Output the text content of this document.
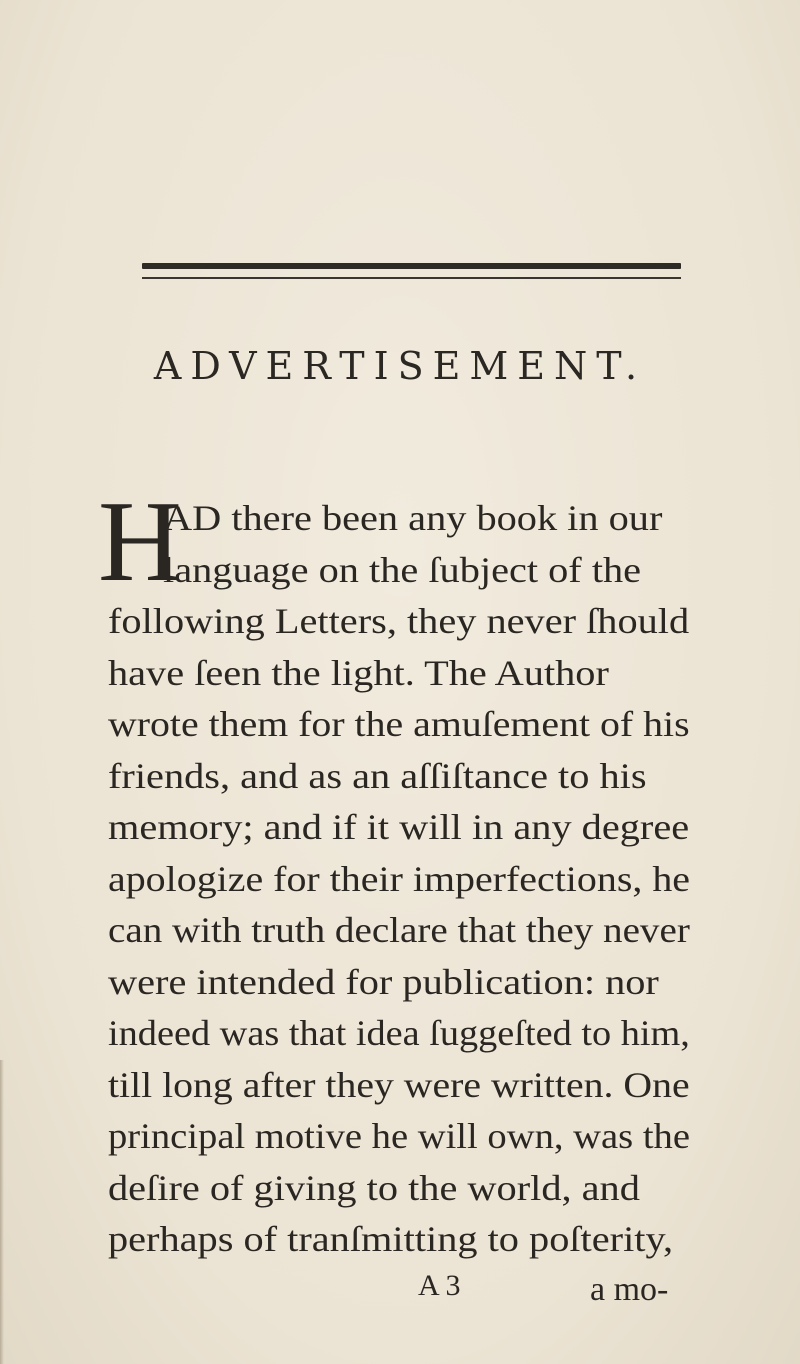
ADVERTISEMENT.
H
AD there been any book in our
language on the ſubject of the
following Letters, they never ſhould
have ſeen the light. The Author
wrote them for the amuſement of his
friends, and as an aſſiſtance to his
memory; and if it will in any degree
apologize for their imperfections, he
can with truth declare that they never
were intended for publication: nor
indeed was that idea ſuggeſted to him,
till long after they were written. One
principal motive he will own, was the
deſire of giving to the world, and
perhaps of tranſmitting to poſterity,
A 3	a mo-
